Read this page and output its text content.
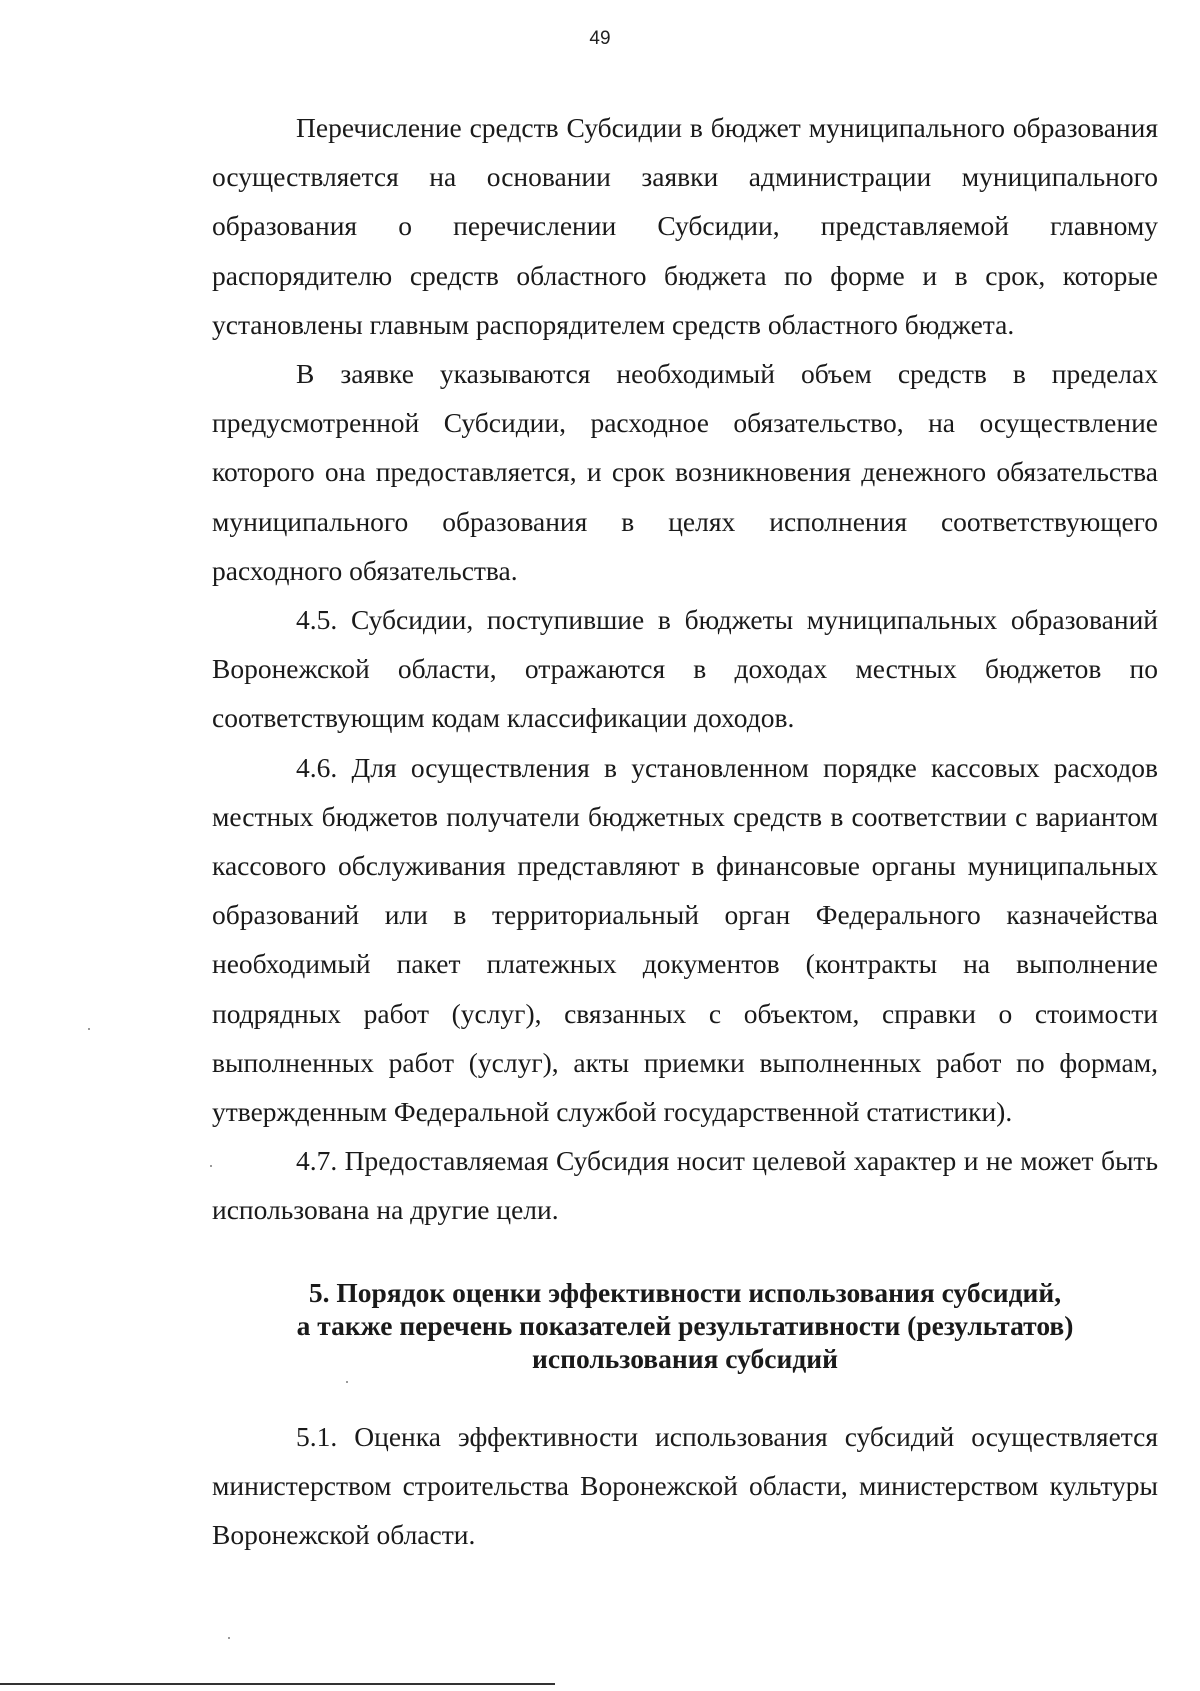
49

Перечисление средств Субсидии в бюджет муниципального образования осуществляется на основании заявки администрации муниципального образования о перечислении Субсидии, представляемой главному распорядителю средств областного бюджета по форме и в срок, которые установлены главным распорядителем средств областного бюджета.

В заявке указываются необходимый объем средств в пределах предусмотренной Субсидии, расходное обязательство, на осуществление которого она предоставляется, и срок возникновения денежного обязательства муниципального образования в целях исполнения соответствующего расходного обязательства.

4.5. Субсидии, поступившие в бюджеты муниципальных образований Воронежской области, отражаются в доходах местных бюджетов по соответствующим кодам классификации доходов.

4.6. Для осуществления в установленном порядке кассовых расходов местных бюджетов получатели бюджетных средств в соответствии с вариантом кассового обслуживания представляют в финансовые органы муниципальных образований или в территориальный орган Федерального казначейства необходимый пакет платежных документов (контракты на выполнение подрядных работ (услуг), связанных с объектом, справки о стоимости выполненных работ (услуг), акты приемки выполненных работ по формам, утвержденным Федеральной службой государственной статистики).

4.7. Предоставляемая Субсидия носит целевой характер и не может быть использована на другие цели.

5. Порядок оценки эффективности использования субсидий,
а также перечень показателей результативности (результатов)
использования субсидий

5.1. Оценка эффективности использования субсидий осуществляется министерством строительства Воронежской области, министерством культуры Воронежской области.
